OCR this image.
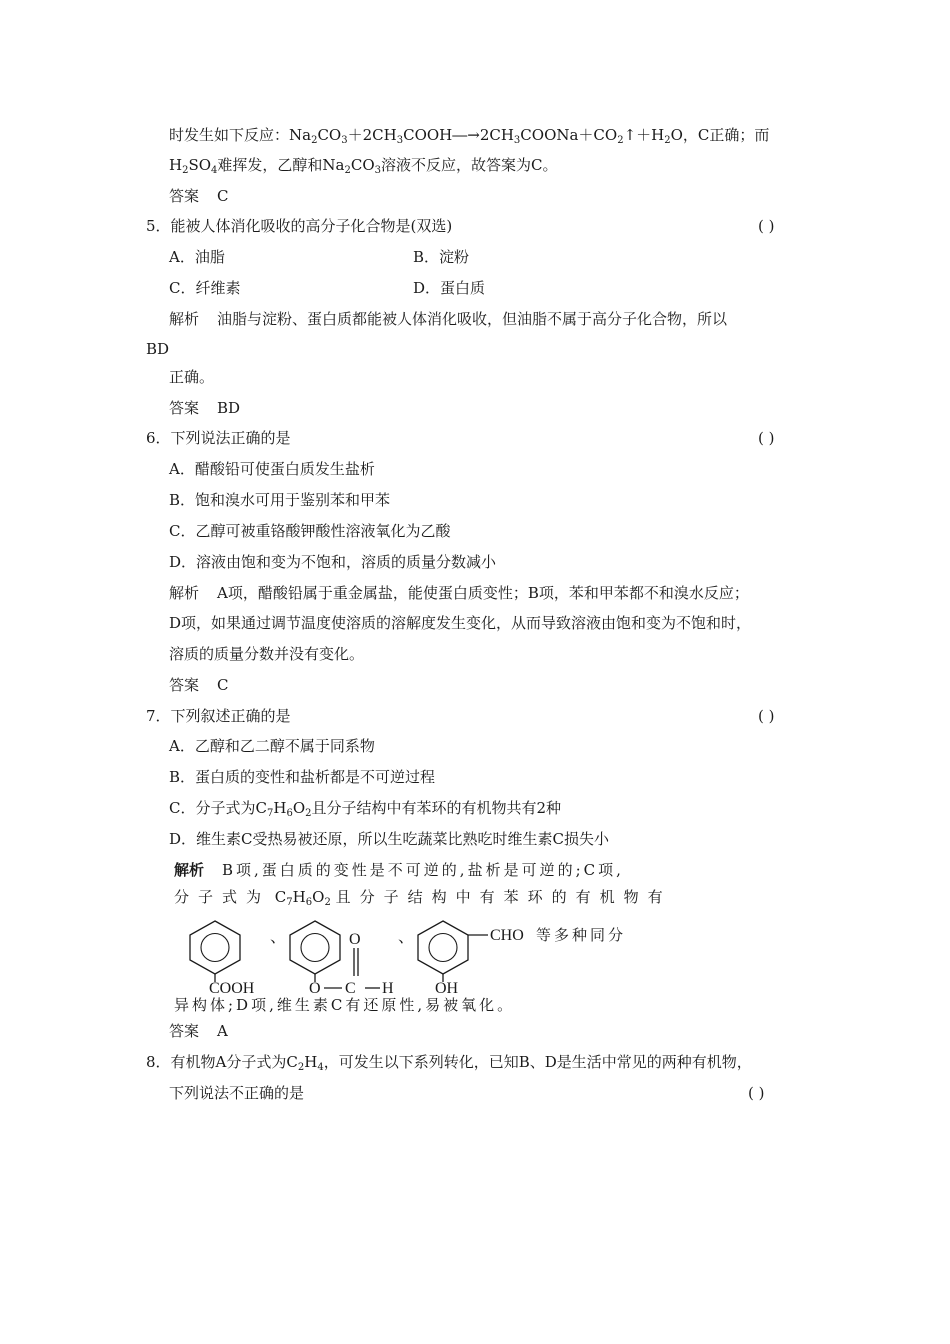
时发生如下反应：$Na_2CO_3+2CH_3COOH―\to 2CH_3COONa+CO_2↑+H_2O$，C正确；而
$H_2SO_4$难挥发，乙醇和$Na_2CO_3$溶液不反应，故答案为C。
答案 C
5．能被人体消化吸收的高分子化合物是(双选)	( )
A．油脂	B．淀粉
C．纤维素	D．蛋白质
解析 油脂与淀粉、蛋白质都能被人体消化吸收，但油脂不属于高分子化合物，所以
BD
正确。
答案 BD
6．下列说法正确的是	( )
A．醋酸铅可使蛋白质发生盐析
B．饱和溴水可用于鉴别苯和甲苯
C．乙醇可被重铬酸钾酸性溶液氧化为乙酸
D．溶液由饱和变为不饱和，溶质的质量分数减小
解析 A项，醋酸铅属于重金属盐，能使蛋白质变性；B项，苯和甲苯都不和溴水反应；
D项，如果通过调节温度使溶质的溶解度发生变化，从而导致溶液由饱和变为不饱和时，
溶质的质量分数并没有变化。
答案 C
7．下列叙述正确的是	( )
A．乙醇和乙二醇不属于同系物
B．蛋白质的变性和盐析都是不可逆过程
C．分子式为$C_7H_6O_2$且分子结构中有苯环的有机物共有2种
D．维生素C受热易被还原，所以生吃蔬菜比熟吃时维生素C损失小
解析 B项,蛋白质的变性是不可逆的,盐析是可逆的;C项,
分子式为 $C_7H_6O_2$ 且分子结构中有苯环的有机物有
COOH
、
O C H
O 、	CHO
OH
等多种同分
异构体;D项,维生素C有还原性,易被氧化。
答案 A
8．有机物A分子式为$C_2H_4$，可发生以下系列转化，已知B、D是生活中常见的两种有机物，
下列说法不正确的是	( )
